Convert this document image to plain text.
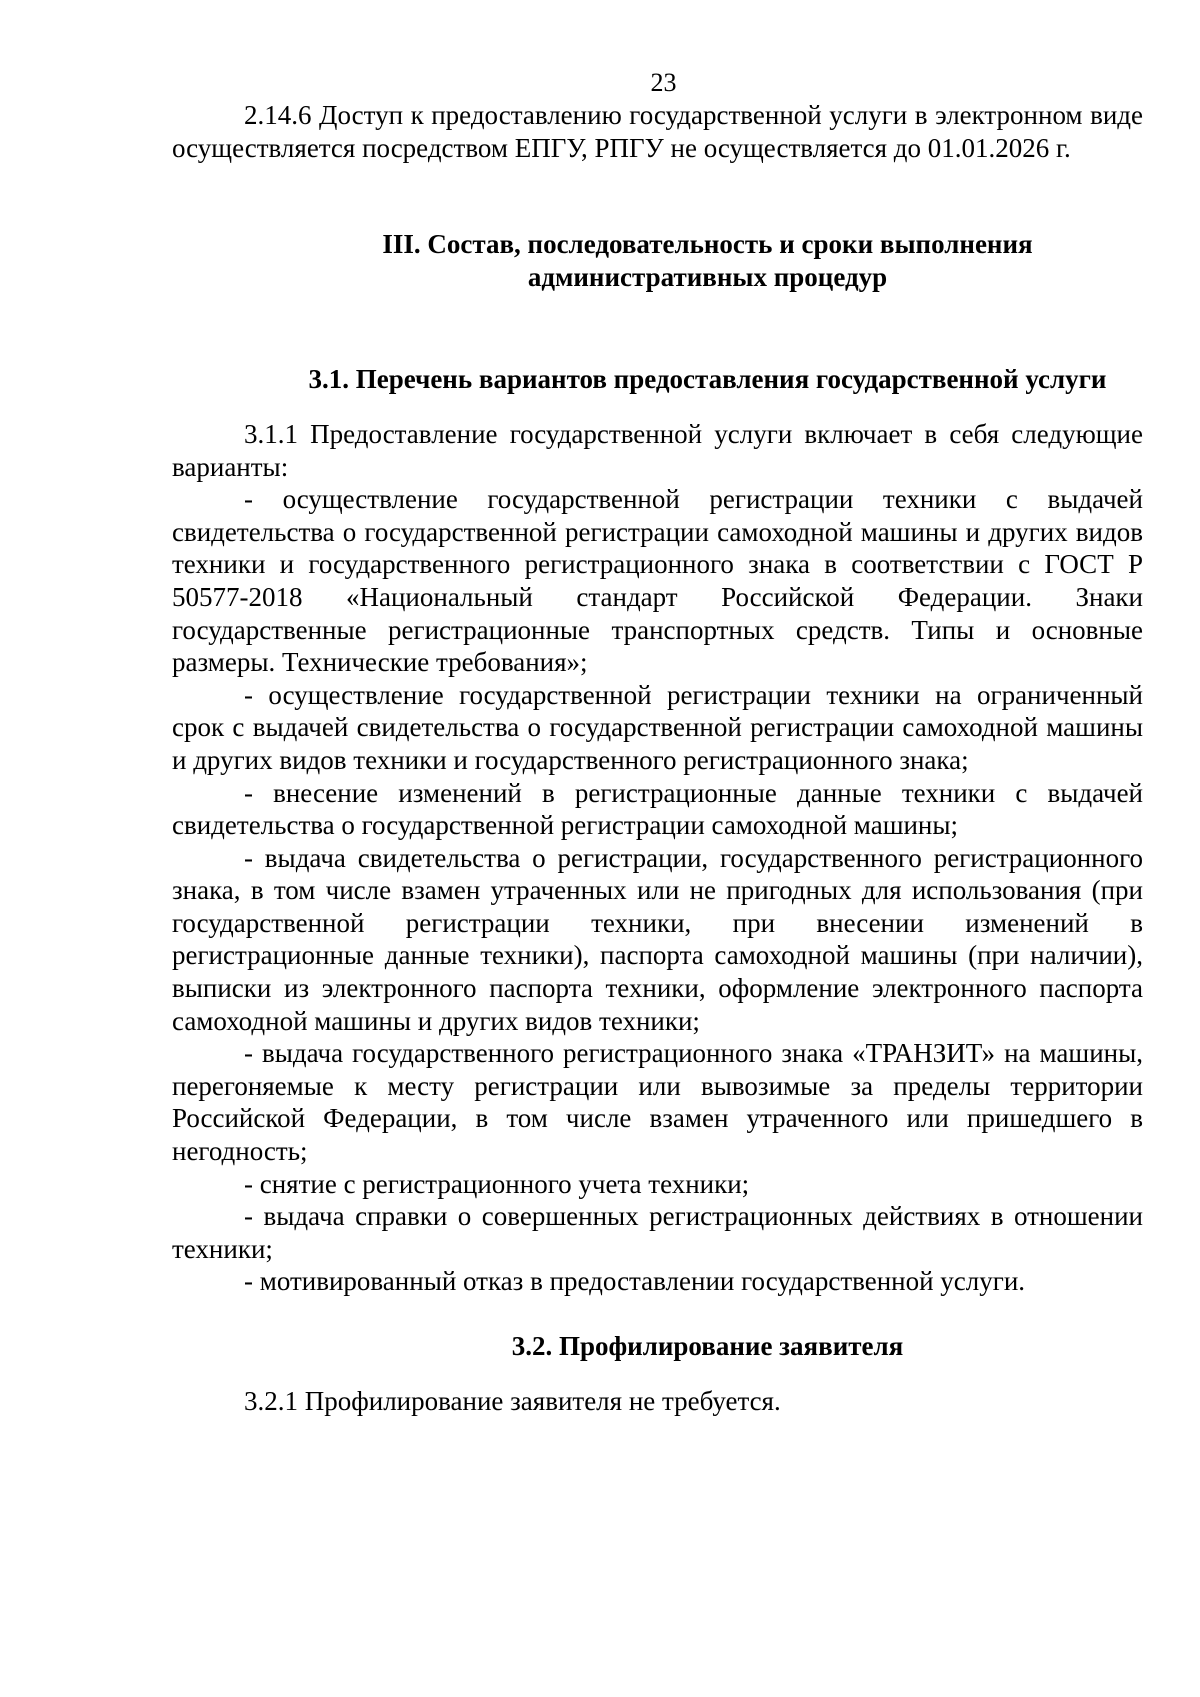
23

2.14.6 Доступ к предоставлению государственной услуги в электронном виде осуществляется посредством ЕПГУ, РПГУ не осуществляется до 01.01.2026 г.

III. Состав, последовательность и сроки выполнения
административных процедур
3.1. Перечень вариантов предоставления государственной услуги

3.1.1 Предоставление государственной услуги включает в себя следующие варианты:

- осуществление государственной регистрации техники с выдачей свидетельства о государственной регистрации самоходной машины и других видов техники и государственного регистрационного знака в соответствии с ГОСТ Р 50577-2018 «Национальный стандарт Российской Федерации. Знаки государственные регистрационные транспортных средств. Типы и основные размеры. Технические требования»;

- осуществление государственной регистрации техники на ограниченный срок с выдачей свидетельства о государственной регистрации самоходной машины и других видов техники и государственного регистрационного знака;

- внесение изменений в регистрационные данные техники с выдачей свидетельства о государственной регистрации самоходной машины;

- выдача свидетельства о регистрации, государственного регистрационного знака, в том числе взамен утраченных или не пригодных для использования (при государственной регистрации техники, при внесении изменений в регистрационные данные техники), паспорта самоходной машины (при наличии), выписки из электронного паспорта техники, оформление электронного паспорта самоходной машины и других видов техники;

- выдача государственного регистрационного знака «ТРАНЗИТ» на машины, перегоняемые к месту регистрации или вывозимые за пределы территории Российской Федерации, в том числе взамен утраченного или пришедшего в негодность;

- снятие с регистрационного учета техники;

- выдача справки о совершенных регистрационных действиях в отношении техники;

- мотивированный отказ в предоставлении государственной услуги.

3.2. Профилирование заявителя

3.2.1 Профилирование заявителя не требуется.
